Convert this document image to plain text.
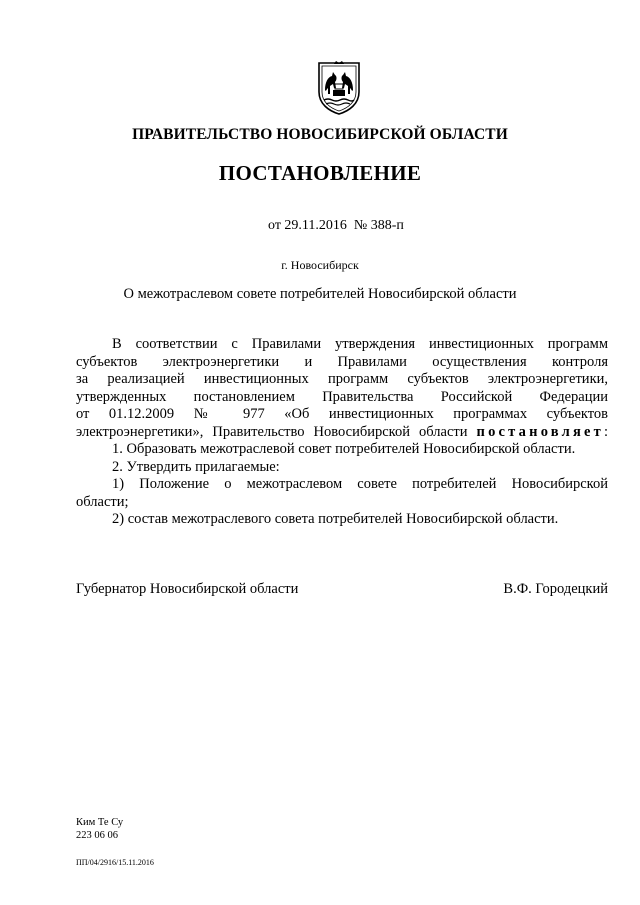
ПРАВИТЕЛЬСТВО НОВОСИБИРСКОЙ ОБЛАСТИ
ПОСТАНОВЛЕНИЕ
от 29.11.2016  № 388-п
г. Новосибирск
О межотраслевом совете потребителей Новосибирской области
В соответствии с Правилами утверждения инвестиционных программ
субъектов электроэнергетики и Правилами осуществления контроля
за реализацией инвестиционных программ субъектов электроэнергетики,
утвержденных постановлением Правительства Российской Федерации
от 01.12.2009 № 977 «Об инвестиционных программах субъектов
электроэнергетики», Правительство Новосибирской области постановляет:
1. Образовать межотраслевой совет потребителей Новосибирской области.
2. Утвердить прилагаемые:
1) Положение о межотраслевом совете потребителей Новосибирской
области;
2) состав межотраслевого совета потребителей Новосибирской области.
Губернатор Новосибирской области	В.Ф. Городецкий
Ким Те Су
223 06 06
ПП/04/2916/15.11.2016
